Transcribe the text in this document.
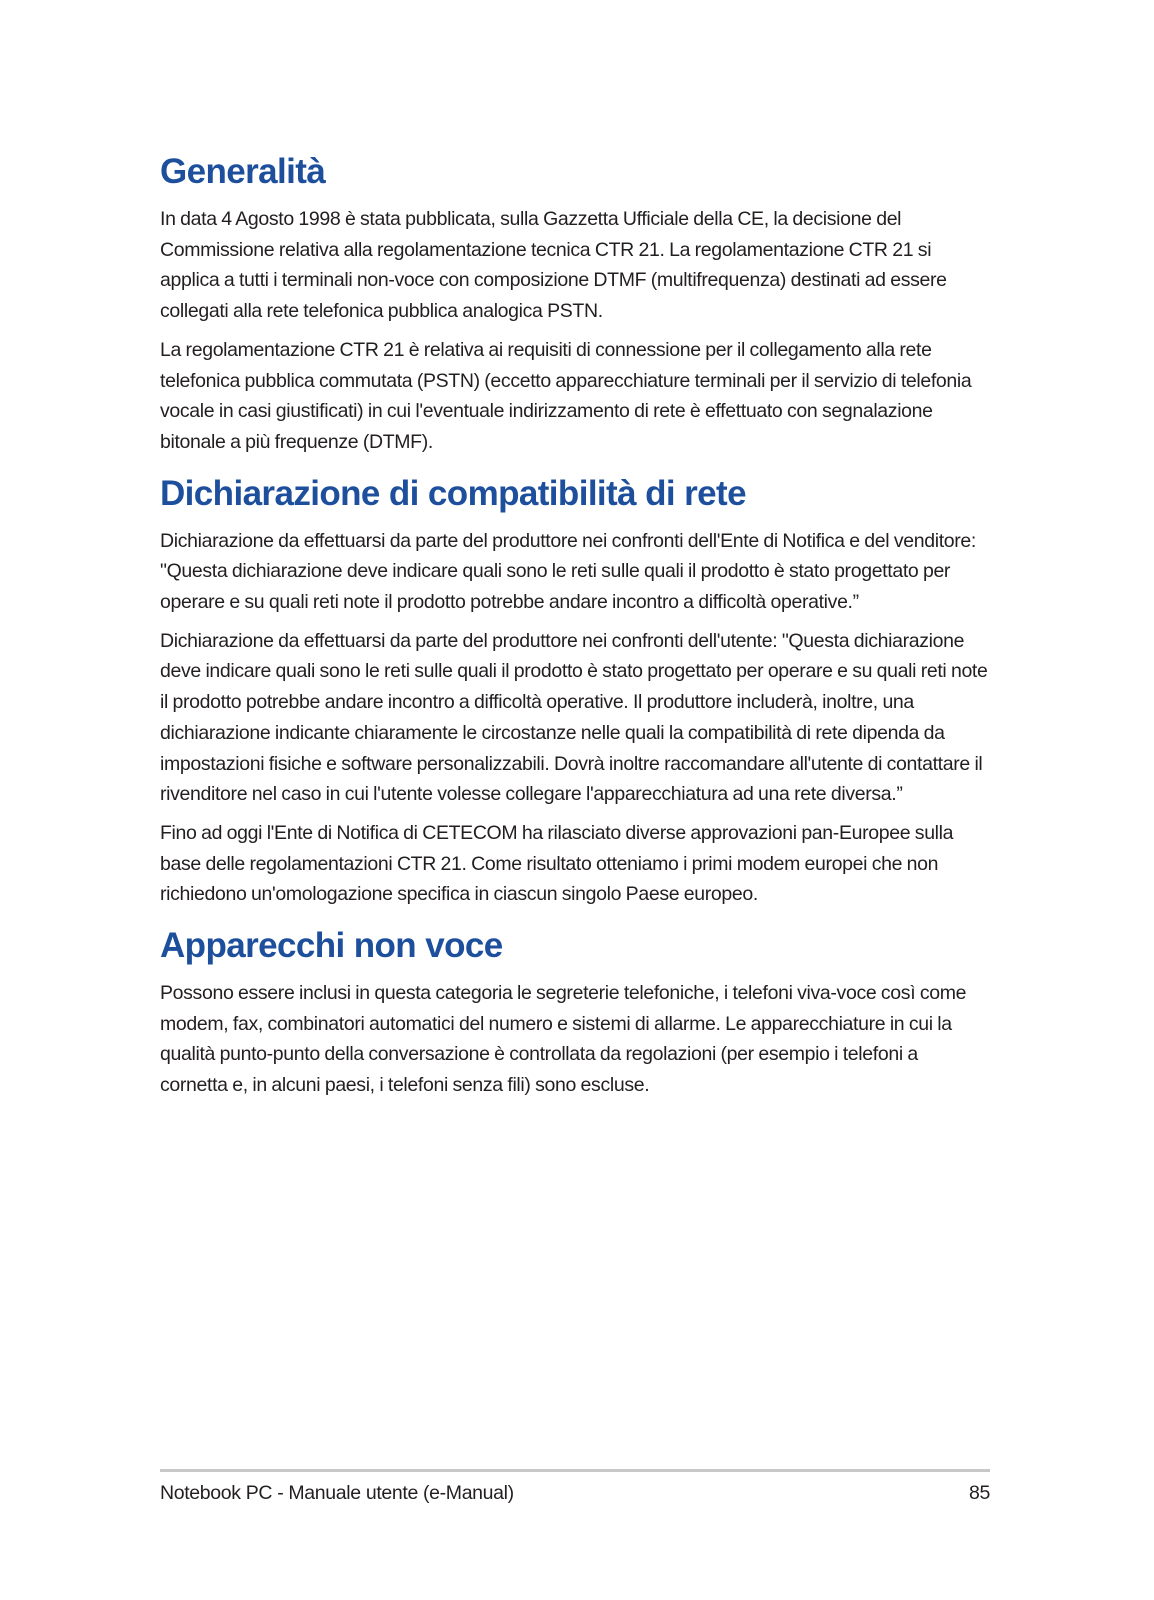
Generalità

In data 4 Agosto 1998 è stata pubblicata, sulla Gazzetta Ufficiale della CE, la decisione del Commissione relativa alla regolamentazione tecnica CTR 21. La regolamentazione CTR 21 si applica a tutti i terminali non-voce con composizione DTMF (multifrequenza) destinati ad essere collegati alla rete telefonica pubblica analogica PSTN.

La regolamentazione CTR 21 è relativa ai requisiti di connessione per il collegamento alla rete telefonica pubblica commutata (PSTN) (eccetto apparecchiature terminali per il servizio di telefonia vocale in casi giustificati) in cui l'eventuale indirizzamento di rete è effettuato con segnalazione bitonale a più frequenze (DTMF).

Dichiarazione di compatibilità di rete

Dichiarazione da effettuarsi da parte del produttore nei confronti dell'Ente di Notifica e del venditore: "Questa dichiarazione deve indicare quali sono le reti sulle quali il prodotto è stato progettato per operare e su quali reti note il prodotto potrebbe andare incontro a difficoltà operative.”

Dichiarazione da effettuarsi da parte del produttore nei confronti dell'utente: "Questa dichiarazione deve indicare quali sono le reti sulle quali il prodotto è stato progettato per operare e su quali reti note il prodotto potrebbe andare incontro a difficoltà operative. Il produttore includerà, inoltre, una dichiarazione indicante chiaramente le circostanze nelle quali la compatibilità di rete dipenda da impostazioni fisiche e software personalizzabili. Dovrà inoltre raccomandare all'utente di contattare il rivenditore nel caso in cui l'utente volesse collegare l'apparecchiatura ad una rete diversa.”

Fino ad oggi l'Ente di Notifica di CETECOM ha rilasciato diverse approvazioni pan-Europee sulla base delle regolamentazioni CTR 21. Come risultato otteniamo i primi modem europei che non richiedono un'omologazione specifica in ciascun singolo Paese europeo.

Apparecchi non voce

Possono essere inclusi in questa categoria le segreterie telefoniche, i telefoni viva-voce così come modem, fax, combinatori automatici del numero e sistemi di allarme. Le apparecchiature in cui la qualità punto-punto della conversazione è controllata da regolazioni (per esempio i telefoni a cornetta e, in alcuni paesi, i telefoni senza fili) sono escluse.

Notebook PC - Manuale utente (e-Manual)	85
